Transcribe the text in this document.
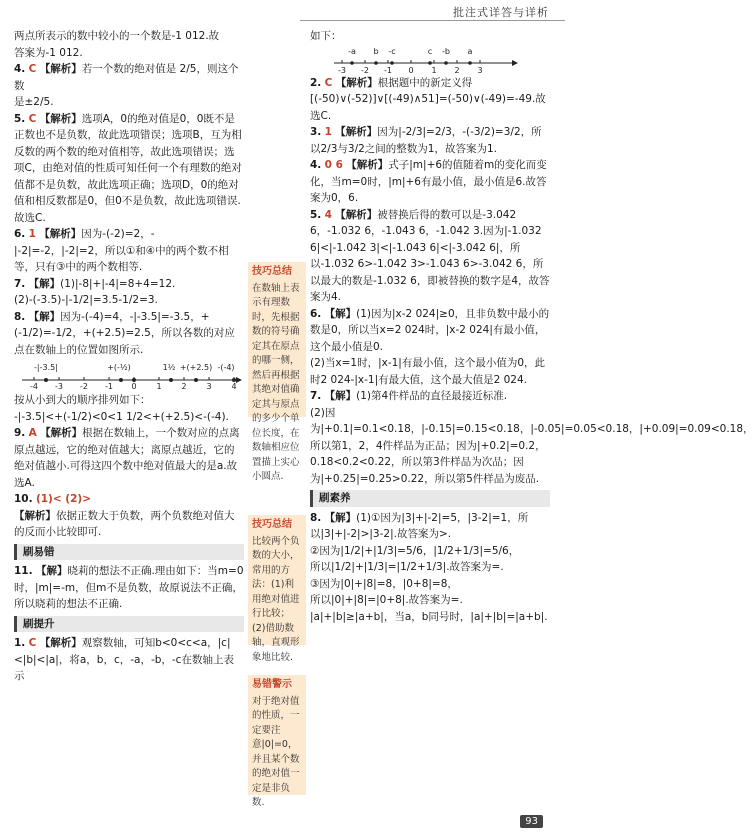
批注式详答与详析

两点所表示的数中较小的一个数是-1 012.故

答案为-1 012.

4. C 【解析】若一个数的绝对值是 2/5，则这个数
是±2/5.

5. C 【解析】选项A，0的绝对值是0，0既不是正数也不是负数，故此选项错误；选项B，互为相反数的两个数的绝对值相等，故此选项错误；选项C，由绝对值的性质可知任何一个有理数的绝对值都不是负数，故此选项正确；选项D，0的绝对值和相反数都是0，但0不是负数，故此选项错误.故选C.

6. 1 【解析】因为-(-2)=2，-|-2|=-2，|-2|=2，所以①和④中的两个数不相等，只有③中的两个数相等.

7. 【解】(1)|-8|+|-4|=8+4=12.
(2)-(-3.5)-|-1/2|=3.5-1/2=3.

8. 【解】因为-(-4)=4，-|-3.5|=-3.5，+(-1/2)=-1/2，+(+2.5)=2.5，所以各数的对应点在数轴上的位置如图所示.

-4 -3 -2 -1 0 1 2 3 4
-|-3.5|	+(-½)	1½ +(+2.5) -(-4)

按从小到大的顺序排列如下：

-|-3.5|<+(-1/2)<0<1 1/2<+(+2.5)<-(-4).

9. A 【解析】根据在数轴上，一个数对应的点离原点越远，它的绝对值越大；离原点越近，它的绝对值越小.可得这四个数中绝对值最大的是a.故选A.

10. (1)< (2)>
【解析】依据正数大于负数，两个负数绝对值大的反而小比较即可.

刷易错

11. 【解】晓莉的想法不正确.理由如下：当m=0时，|m|=-m，但m不是负数，故原说法不正确，所以晓莉的想法不正确.

刷提升

1. C 【解析】观察数轴，可知b<0<c<a，|c|<|b|<|a|，将a，b，c，-a，-b，-c在数轴上表示

技巧总结
在数轴上表示有理数时，先根据数的符号确定其在原点的哪一侧，然后再根据其绝对值确定其与原点的多少个单位长度，在数轴相应位置描上实心小圆点.
技巧总结
比较两个负数的大小，常用的方法：(1)利用绝对值进行比较；(2)借助数轴，直观形象地比较.
易错警示
对于绝对值的性质，一定要注意|0|=0，并且某个数的绝对值一定是非负数.

如下：

-3 -2 -1 0 1 2 3
-a b -c	c -b a

2. C 【解析】根据题中的新定义得[(-50)∨(-52)]∨[(-49)∧51]=(-50)∨(-49)=-49.故选C.

3. 1 【解析】因为|-2/3|=2/3，-(-3/2)=3/2，所以2/3与3/2之间的整数为1，故答案为1.

4. 0 6 【解析】式子|m|+6的值随着m的变化而变化，当m=0时，|m|+6有最小值，最小值是6.故答案为0，6.

5. 4 【解析】被替换后得的数可以是-3.042 6，-1.032 6，-1.043 6，-1.042 3.因为|-1.032 6|<|-1.042 3|<|-1.043 6|<|-3.042 6|，所以-1.032 6>-1.042 3>-1.043 6>-3.042 6，所以最大的数是-1.032 6，即被替换的数字是4，故答案为4.

6. 【解】(1)因为|x-2 024|≥0，且非负数中最小的数是0，所以当x=2 024时，|x-2 024|有最小值，这个最小值是0.
(2)当x=1时，|x-1|有最小值，这个最小值为0，此时2 024-|x-1|有最大值，这个最大值是2 024.

7. 【解】(1)第4件样品的直径最接近标准.
(2)因为|+0.1|=0.1<0.18，|-0.15|=0.15<0.18，|-0.05|=0.05<0.18，|+0.09|=0.09<0.18，所以第1，2，4件样品为正品；因为|+0.2|=0.2，0.18<0.2<0.22，所以第3件样品为次品；因为|+0.25|=0.25>0.22，所以第5件样品为废品.

刷素养

8. 【解】(1)①因为|3|+|-2|=5，|3-2|=1，所以|3|+|-2|>|3-2|.故答案为>.
②因为|1/2|+|1/3|=5/6，|1/2+1/3|=5/6，
所以|1/2|+|1/3|=|1/2+1/3|.故答案为=.
③因为|0|+|8|=8，|0+8|=8，
所以|0|+|8|=|0+8|.故答案为=.
|a|+|b|≥|a+b|，当a，b同号时，|a|+|b|=|a+b|.

93
